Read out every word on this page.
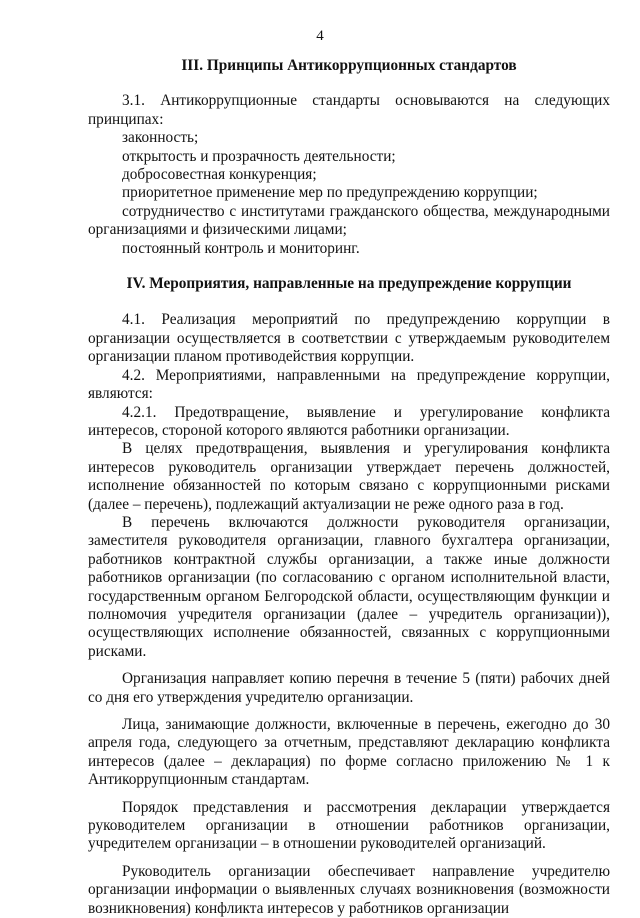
4
III. Принципы Антикоррупционных стандартов

3.1. Антикоррупционные стандарты основываются на следующих принципах:

законность;

открытость и прозрачность деятельности;

добросовестная конкуренция;

приоритетное применение мер по предупреждению коррупции;

сотрудничество с институтами гражданского общества, международными организациями и физическими лицами;

постоянный контроль и мониторинг.

IV. Мероприятия, направленные на предупреждение коррупции

4.1. Реализация мероприятий по предупреждению коррупции в организации осуществляется в соответствии с утверждаемым руководителем организации планом противодействия коррупции.

4.2. Мероприятиями, направленными на предупреждение коррупции, являются:

4.2.1. Предотвращение, выявление и урегулирование конфликта интересов, стороной которого являются работники организации.

В целях предотвращения, выявления и урегулирования конфликта интересов руководитель организации утверждает перечень должностей, исполнение обязанностей по которым связано с коррупционными рисками (далее – перечень), подлежащий актуализации не реже одного раза в год.

В перечень включаются должности руководителя организации, заместителя руководителя организации, главного бухгалтера организации, работников контрактной службы организации, а также иные должности работников организации (по согласованию с органом исполнительной власти, государственным органом Белгородской области, осуществляющим функции и полномочия учредителя организации (далее – учредитель организации)), осуществляющих исполнение обязанностей, связанных с коррупционными рисками.

Организация направляет копию перечня в течение 5 (пяти) рабочих дней со дня его утверждения учредителю организации.

Лица, занимающие должности, включенные в перечень, ежегодно до 30 апреля года, следующего за отчетным, представляют декларацию конфликта интересов (далее – декларация) по форме согласно приложению № 1 к Антикоррупционным стандартам.

Порядок представления и рассмотрения декларации утверждается руководителем организации в отношении работников организации, учредителем организации – в отношении руководителей организаций.

Руководитель организации обеспечивает направление учредителю организации информации о выявленных случаях возникновения (возможности возникновения) конфликта интересов у работников организации
